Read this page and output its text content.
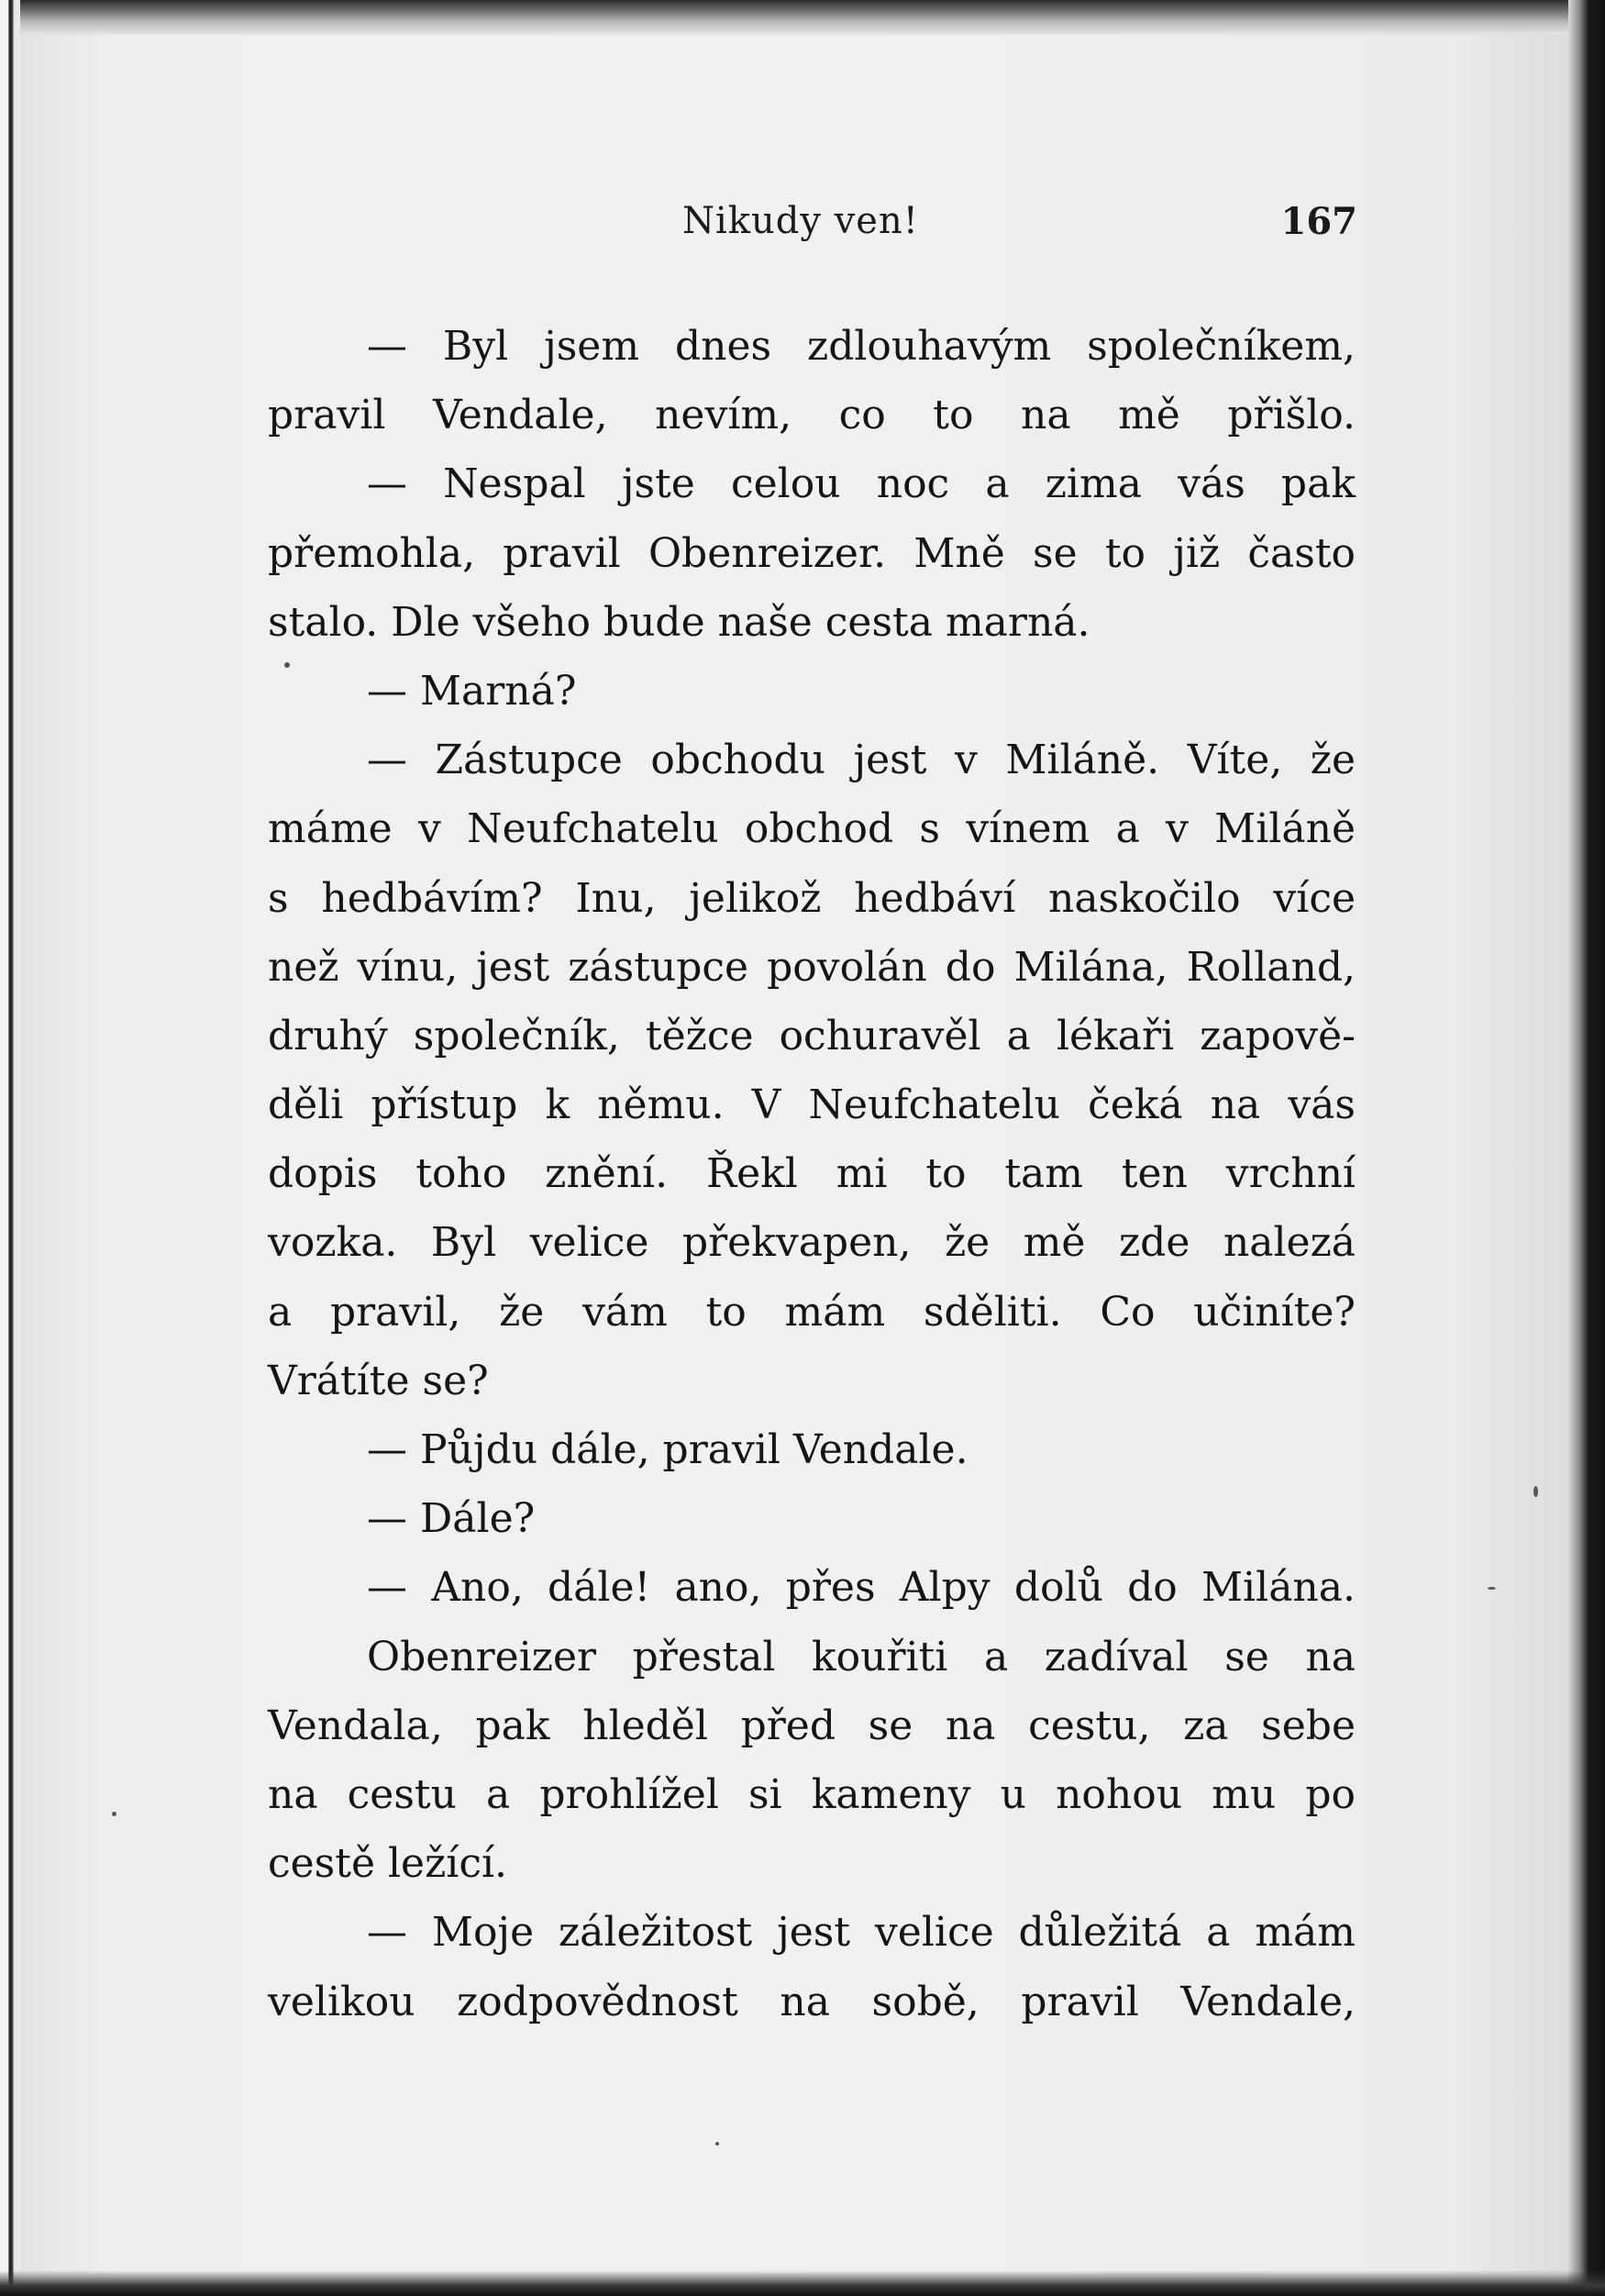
Nikudy ven!	167
— Byl jsem dnes zdlouhavým společníkem,
pravil Vendale, nevím, co to na mě přišlo.
— Nespal jste celou noc a zima vás pak
přemohla, pravil Obenreizer. Mně se to již často
stalo. Dle všeho bude naše cesta marná.
— Marná?
— Zástupce obchodu jest v Miláně. Víte, že
máme v Neufchatelu obchod s vínem a v Miláně
s hedbávím? Inu, jelikož hedbáví naskočilo více
než vínu, jest zástupce povolán do Milána, Rolland,
druhý společník, těžce ochuravěl a lékaři zapově-
děli přístup k němu. V Neufchatelu čeká na vás
dopis toho znění. Řekl mi to tam ten vrchní
vozka. Byl velice překvapen, že mě zde nalezá
a pravil, že vám to mám sděliti. Co učiníte?
Vrátíte se?
— Půjdu dále, pravil Vendale.
— Dále?
— Ano, dále! ano, přes Alpy dolů do Milána.
Obenreizer přestal kouřiti a zadíval se na
Vendala, pak hleděl před se na cestu, za sebe
na cestu a prohlížel si kameny u nohou mu po
cestě ležící.
— Moje záležitost jest velice důležitá a mám
velikou zodpovědnost na sobě, pravil Vendale,
